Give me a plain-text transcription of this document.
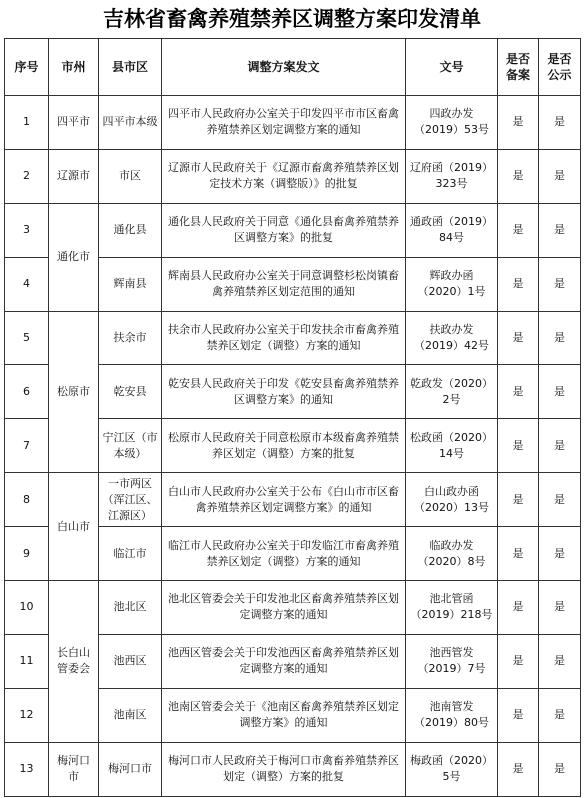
吉林省畜禽养殖禁养区调整方案印发清单
序号	市州	县市区	调整方案发文	文号	是否备案	是否公示
1	四平市	四平市本级	四平市人民政府办公室关于印发四平市市区畜禽养殖禁养区划定调整方案的通知	四政办发（2019）53号	是	是
2	辽源市	市区	辽源市人民政府关于《辽源市畜禽养殖禁养区划定技术方案（调整版）》的批复	辽府函（2019）323号	是	是
3	通化市	通化县	通化县人民政府关于同意《通化县畜禽养殖禁养区调整方案》的批复	通政函（2019）84号	是	是
4		辉南县	辉南县人民政府办公室关于同意调整杉松岗镇畜禽养殖禁养区划定范围的通知	辉政办函（2020）1号	是	是
5	松原市	扶余市	扶余市人民政府办公室关于印发扶余市畜禽养殖禁养区划定（调整）方案的通知	扶政办发（2019）42号	是	是
6		乾安县	乾安县人民政府关于印发《乾安县畜禽养殖禁养区调整方案》的通知	乾政发（2020）2号	是	是
7		宁江区（市本级）	松原市人民政府关于同意松原市本级畜禽养殖禁养区划定（调整）方案的批复	松政函（2020）14号	是	是
8	白山市	一市两区（浑江区、江源区）	白山市人民政府办公室关于公布《白山市市区畜禽养殖禁养区划定调整方案》的通知	白山政办函（2020）13号	是	是
9		临江市	临江市人民政府办公室关于印发临江市畜禽养殖禁养区划定（调整）方案的通知	临政办发（2020）8号	是	是
10	长白山管委会	池北区	池北区管委会关于印发池北区畜禽养殖禁养区划定调整方案的通知	池北管函（2019）218号	是	是
11		池西区	池西区管委会关于印发池西区畜禽养殖禁养区划定调整方案的通知	池西管发（2019）7号	是	是
12		池南区	池南区管委会关于《池南区畜禽养殖禁养区划定调整方案》的通知	池南管发（2019）80号	是	是
13	梅河口市	梅河口市	梅河口市人民政府关于梅河口市禽畜养殖禁养区划定（调整）方案的批复	梅政函（2020）5号	是	是
